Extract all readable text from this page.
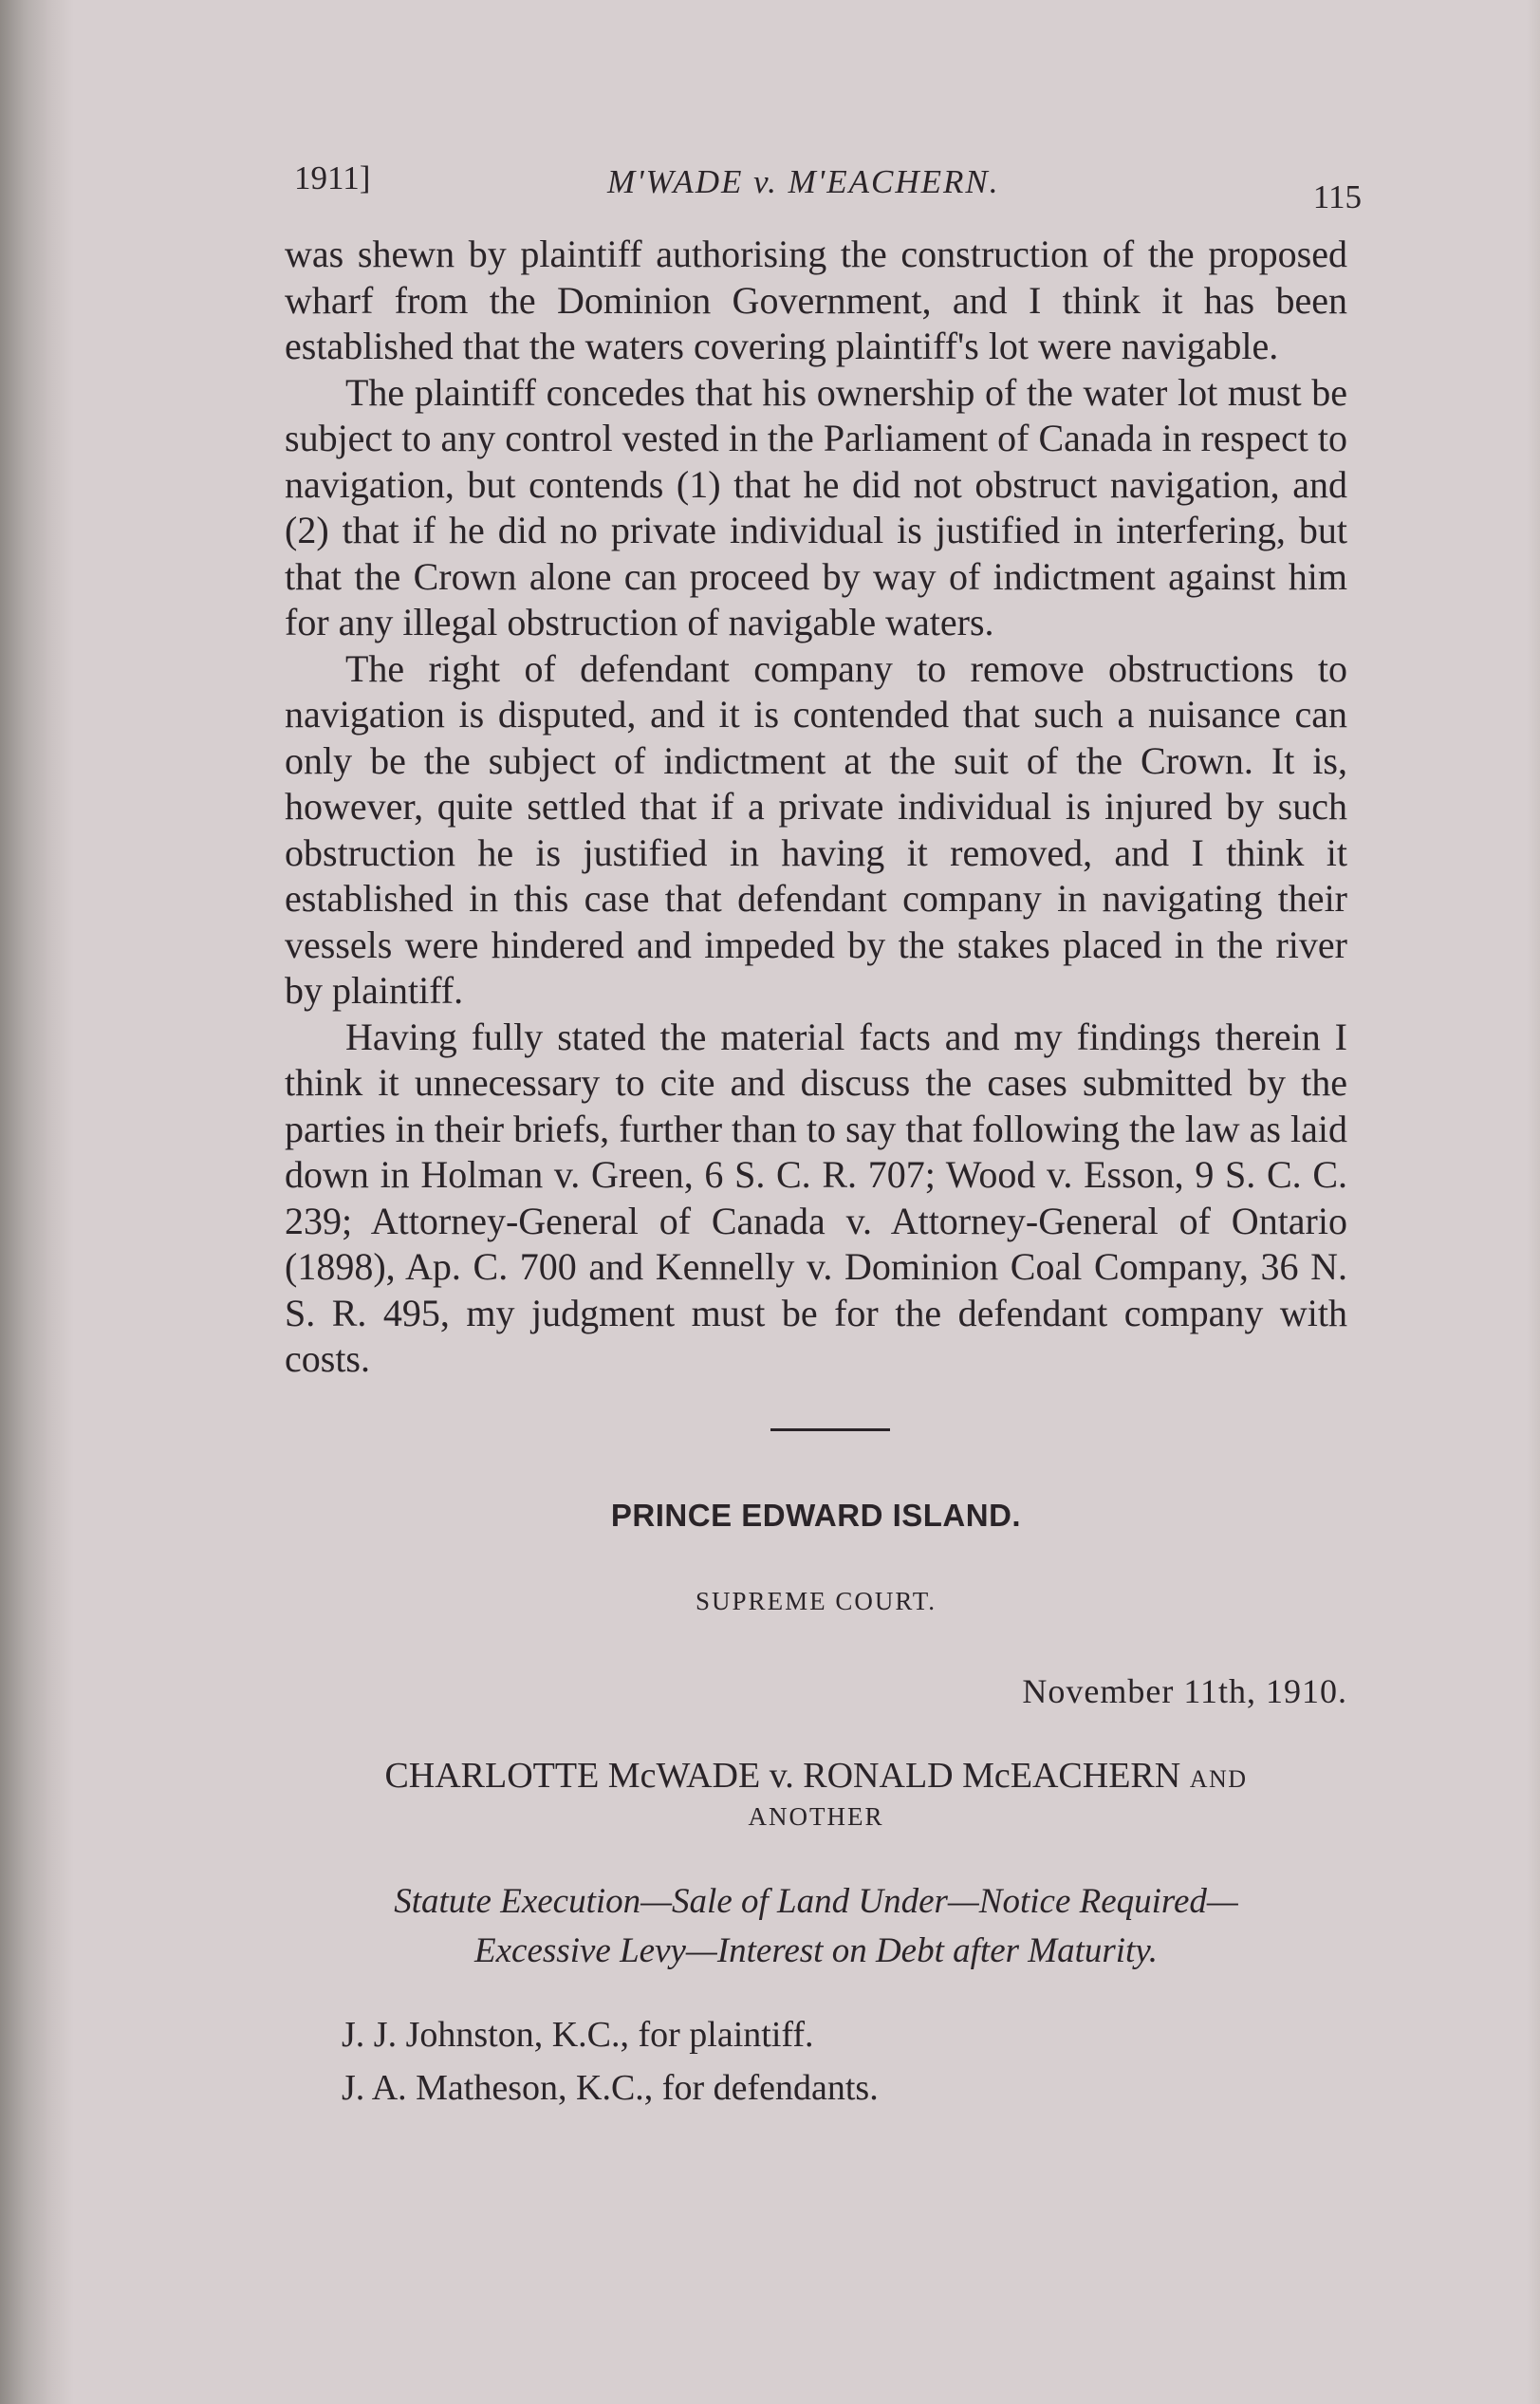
1911]	M'WADE v. M'EACHERN.	115

was shewn by plaintiff authorising the construction of the proposed wharf from the Dominion Government, and I think it has been established that the waters covering plaintiff's lot were navigable.

The plaintiff concedes that his ownership of the water lot must be subject to any control vested in the Parliament of Canada in respect to navigation, but contends (1) that he did not obstruct navigation, and (2) that if he did no private individual is justified in interfering, but that the Crown alone can proceed by way of indictment against him for any illegal obstruction of navigable waters.

The right of defendant company to remove obstructions to navigation is disputed, and it is contended that such a nuisance can only be the subject of indictment at the suit of the Crown. It is, however, quite settled that if a private individual is injured by such obstruction he is justified in having it removed, and I think it established in this case that defendant company in navigating their vessels were hindered and impeded by the stakes placed in the river by plaintiff.

Having fully stated the material facts and my findings therein I think it unnecessary to cite and discuss the cases submitted by the parties in their briefs, further than to say that following the law as laid down in Holman v. Green, 6 S. C. R. 707; Wood v. Esson, 9 S. C. C. 239; Attorney-General of Canada v. Attorney-General of Ontario (1898), Ap. C. 700 and Kennelly v. Dominion Coal Company, 36 N. S. R. 495, my judgment must be for the defendant company with costs.

PRINCE EDWARD ISLAND.
SUPREME COURT.
November 11th, 1910.
CHARLOTTE McWADE v. RONALD McEACHERN AND
ANOTHER
Statute Execution—Sale of Land Under—Notice Required—
Excessive Levy—Interest on Debt after Maturity.
J. J. Johnston, K.C., for plaintiff.
J. A. Matheson, K.C., for defendants.
